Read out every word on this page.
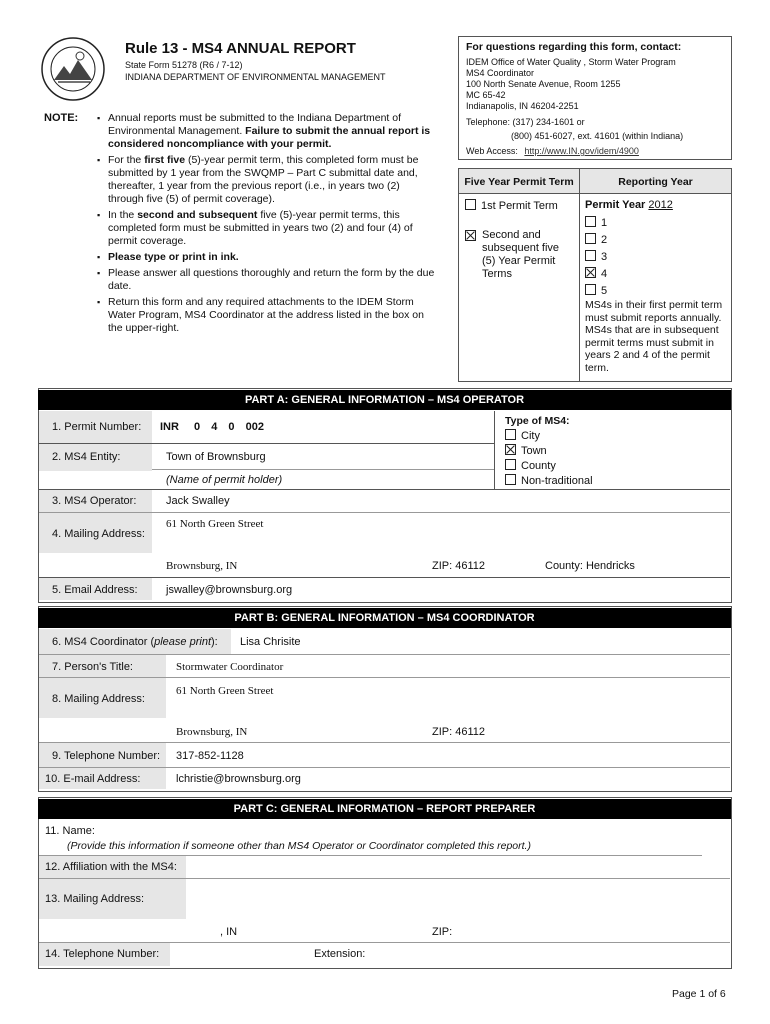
Rule 13 - MS4 ANNUAL REPORT
State Form 51278 (R6 / 7-12)
INDIANA DEPARTMENT OF ENVIRONMENTAL MANAGEMENT
For questions regarding this form, contact:
IDEM Office of Water Quality , Storm Water Program
MS4 Coordinator
100 North Senate Avenue, Room 1255
MC 65-42
Indianapolis, IN 46204-2251
Telephone: (317) 234-1601 or
(800) 451-6027, ext. 41601 (within Indiana)
Web Access: http://www.IN.gov/idem/4900
NOTE:
▪	Annual reports must be submitted to the Indiana Department of Environmental Management. Failure to submit the annual report is considered noncompliance with your permit.
▪ For the first five (5)-year permit term, this completed form must be submitted by 1 year from the SWQMP – Part C submittal date and, thereafter, 1 year from the previous report (i.e., in years two (2) through five (5) of permit coverage).
▪ In the second and subsequent five (5)-year permit terms, this completed form must be submitted in years two (2) and four (4) of permit coverage.
▪ Please type or print in ink.
▪ Please answer all questions thoroughly and return the form by the due date.
▪ Return this form and any required attachments to the IDEM Storm Water Program, MS4 Coordinator at the address listed in the box on the upper-right.
Five Year Permit Term	Reporting Year
1st Permit Term
Second and subsequent five (5) Year Permit Terms
Permit Year 2012
1
2
3
4
5
MS4s in their first permit term must submit reports annually. MS4s that are in subsequent permit terms must submit in years 2 and 4 of the permit term.
PART A: GENERAL INFORMATION – MS4 OPERATOR
1. Permit Number: INR 0 4 0 002
2. MS4 Entity:	Town of Brownsburg
(Name of permit holder)
Type of MS4:
City
Town
County
Non-traditional
3. MS4 Operator:	Jack Swalley
4. Mailing Address:
61 North Green Street
Brownsburg, IN	ZIP: 46112	County: Hendricks
5. Email Address:	jswalley@brownsburg.org
PART B: GENERAL INFORMATION – MS4 COORDINATOR
6. MS4 Coordinator (please print): Lisa Chrisite
7. Person's Title:	Stormwater Coordinator
8. Mailing Address:
61 North Green Street
Brownsburg, IN	ZIP: 46112
9. Telephone Number: 317-852-1128
10. E-mail Address:	lchristie@brownsburg.org
PART C: GENERAL INFORMATION – REPORT PREPARER
11. Name:
(Provide this information if someone other than MS4 Operator or Coordinator completed this report.)
12. Affiliation with the MS4:
13. Mailing Address:
, IN	ZIP:
14. Telephone Number:	Extension:
Page 1 of 6
